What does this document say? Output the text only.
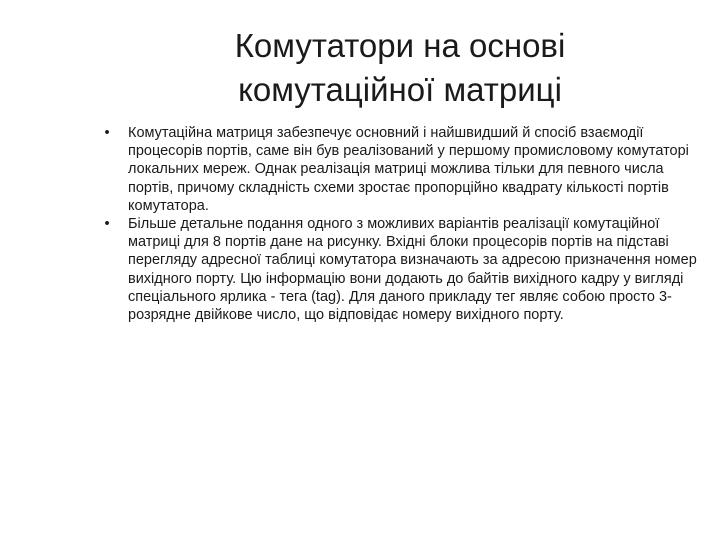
Комутатори на основі
комутаційної матриці
•	Комутаційна матриця забезпечує основний і найшвидший й спосіб взаємодії процесорів портів, саме він був реалізований у першому промисловому комутаторі локальних мереж. Однак реалізація матриці можлива тільки для певного числа портів, причому складність схеми зростає пропорційно квадрату кількості портів комутатора.
•	Більше детальне подання одного з можливих варіантів реалізації комутаційної матриці для 8 портів дане на рисунку. Вхідні блоки процесорів портів на підставі перегляду адресної таблиці комутатора визначають за адресою призначення номер вихідного порту. Цю інформацію вони додають до байтів вихідного кадру у вигляді спеціального ярлика - тега (tag). Для даного прикладу тег являє собою просто 3-розрядне двійкове число, що відповідає номеру вихідного порту.
